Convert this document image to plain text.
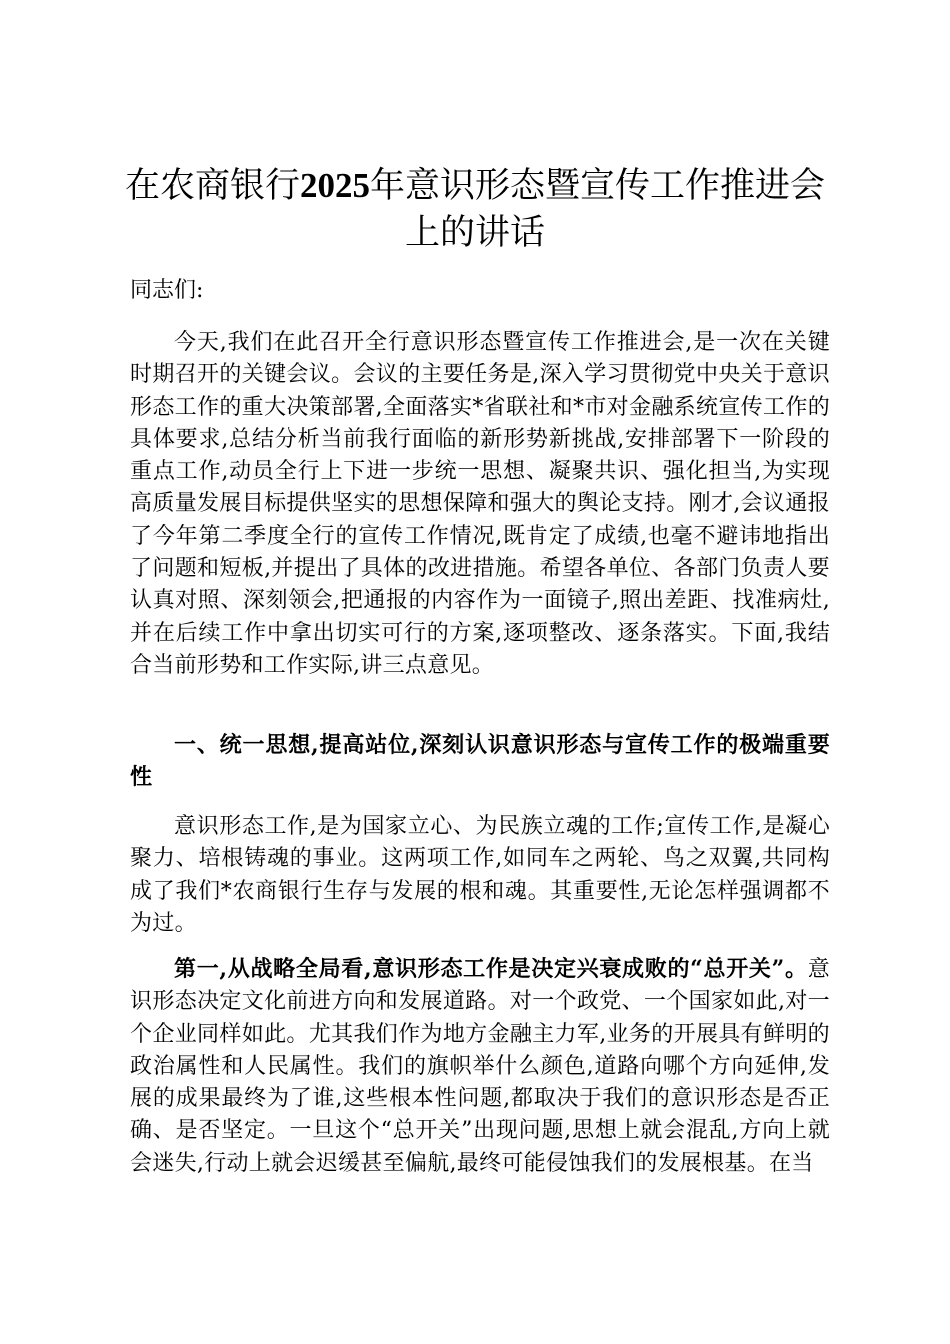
在农商银行2025年意识形态暨宣传工作推进会上的讲话
同志们:
今天,我们在此召开全行意识形态暨宣传工作推进会,是一次在关键时期召开的关键会议。会议的主要任务是,深入学习贯彻党中央关于意识形态工作的重大决策部署,全面落实*省联社和*市对金融系统宣传工作的具体要求,总结分析当前我行面临的新形势新挑战,安排部署下一阶段的重点工作,动员全行上下进一步统一思想、凝聚共识、强化担当,为实现高质量发展目标提供坚实的思想保障和强大的舆论支持。刚才,会议通报了今年第二季度全行的宣传工作情况,既肯定了成绩,也毫不避讳地指出了问题和短板,并提出了具体的改进措施。希望各单位、各部门负责人要认真对照、深刻领会,把通报的内容作为一面镜子,照出差距、找准病灶,并在后续工作中拿出切实可行的方案,逐项整改、逐条落实。下面,我结合当前形势和工作实际,讲三点意见。
一、统一思想,提高站位,深刻认识意识形态与宣传工作的极端重要性
意识形态工作,是为国家立心、为民族立魂的工作;宣传工作,是凝心聚力、培根铸魂的事业。这两项工作,如同车之两轮、鸟之双翼,共同构成了我们*农商银行生存与发展的根和魂。其重要性,无论怎样强调都不为过。
第一,从战略全局看,意识形态工作是决定兴衰成败的“总开关”。意识形态决定文化前进方向和发展道路。对一个政党、一个国家如此,对一个企业同样如此。尤其我们作为地方金融主力军,业务的开展具有鲜明的政治属性和人民属性。我们的旗帜举什么颜色,道路向哪个方向延伸,发展的成果最终为了谁,这些根本性问题,都取决于我们的意识形态是否正确、是否坚定。一旦这个“总开关”出现问题,思想上就会混乱,方向上就会迷失,行动上就会迟缓甚至偏航,最终可能侵蚀我们的发展根基。在当
